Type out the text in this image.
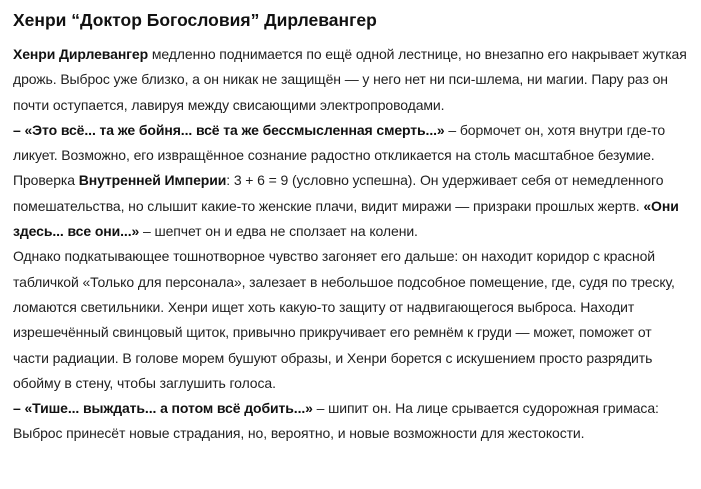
Хенри “Доктор Богословия” Дирлевангер
Хенри Дирлевангер медленно поднимается по ещё одной лестнице, но внезапно его накрывает жуткая дрожь. Выброс уже близко, а он никак не защищён — у него нет ни пси-шлема, ни магии. Пару раз он почти оступается, лавируя между свисающими электропроводами.
– «Это всё... та же бойня... всё та же бессмысленная смерть...» – бормочет он, хотя внутри где-то ликует. Возможно, его извращённое сознание радостно откликается на столь масштабное безумие.
Проверка Внутренней Империи: 3 + 6 = 9 (условно успешна). Он удерживает себя от немедленного помешательства, но слышит какие-то женские плачи, видит миражи — призраки прошлых жертв. «Они здесь... все они...» – шепчет он и едва не сползает на колени.
Однако подкатывающее тошнотворное чувство загоняет его дальше: он находит коридор с красной табличкой «Только для персонала», залезает в небольшое подсобное помещение, где, судя по треску, ломаются светильники. Хенри ищет хоть какую-то защиту от надвигающегося выброса. Находит изрешечённый свинцовый щиток, привычно прикручивает его ремнём к груди — может, поможет от части радиации. В голове морем бушуют образы, и Хенри борется с искушением просто разрядить обойму в стену, чтобы заглушить голоса.
– «Тише... выждать... а потом всё добить...» – шипит он. На лице срывается судорожная гримаса: Выброс принесёт новые страдания, но, вероятно, и новые возможности для жестокости.
